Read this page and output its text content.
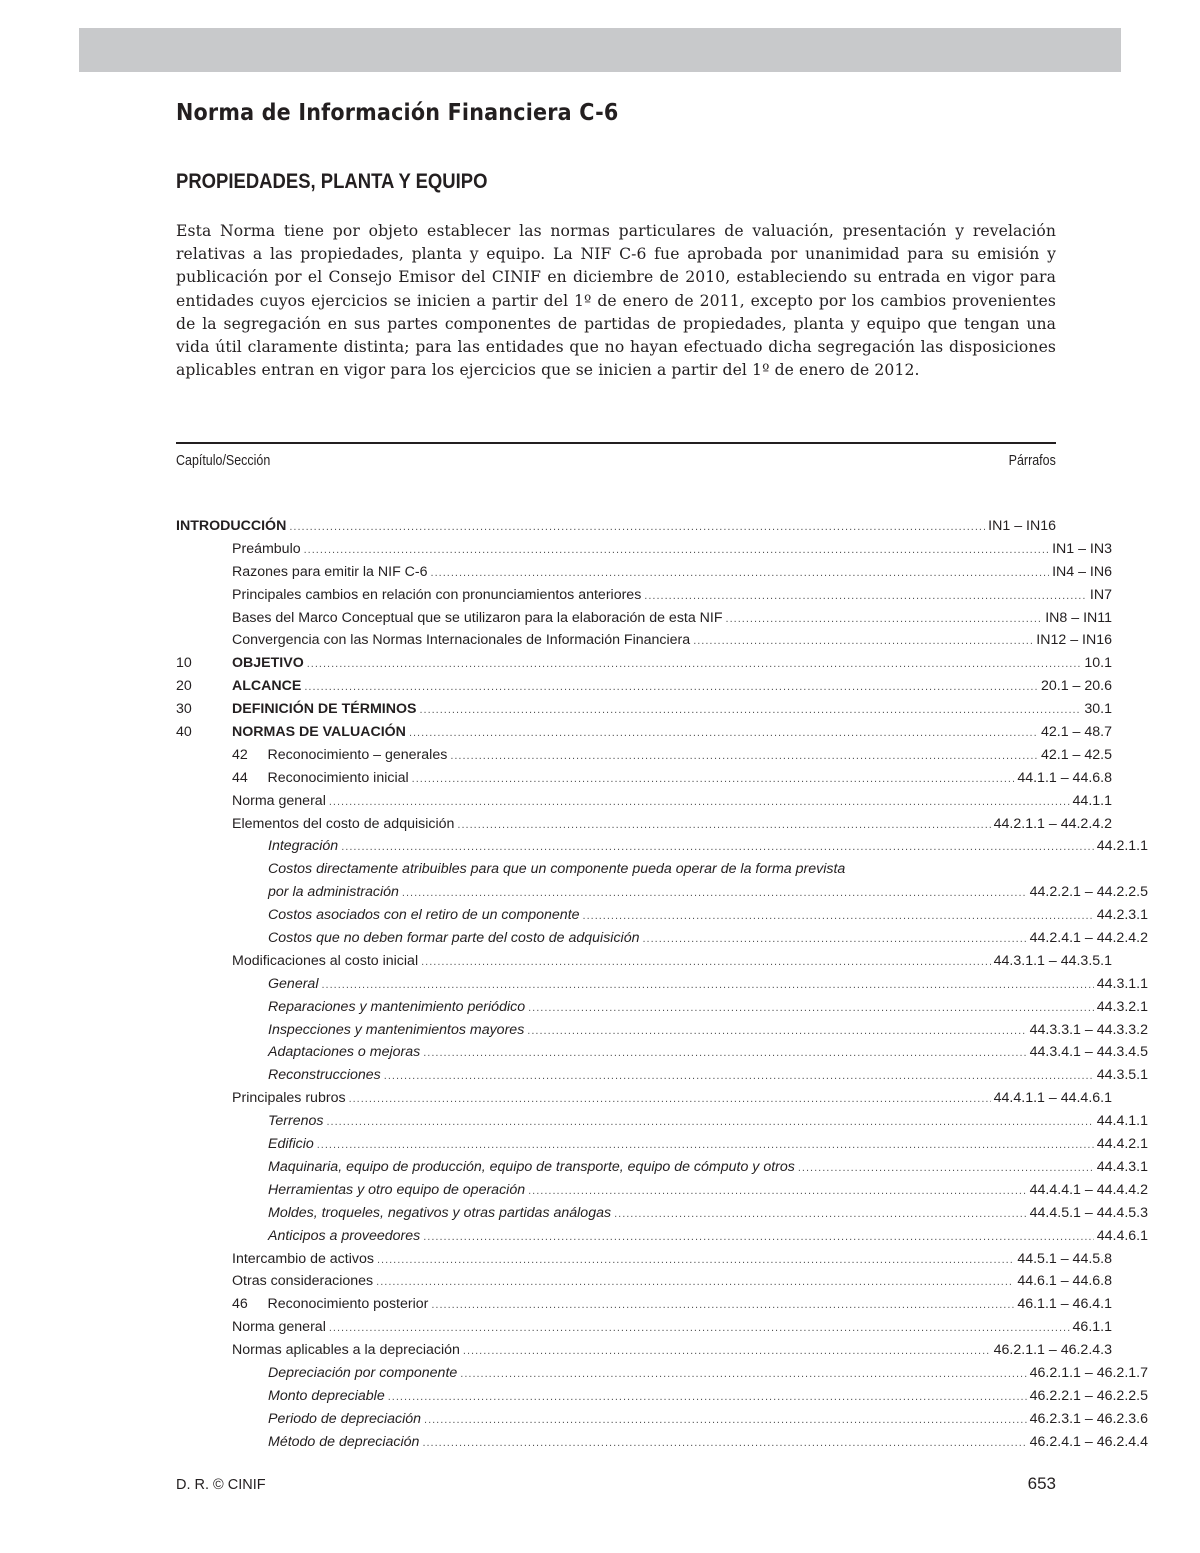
Norma de Información Financiera C-6
PROPIEDADES, PLANTA Y EQUIPO
Esta Norma tiene por objeto establecer las normas particulares de valuación, presentación y revelación relativas a las propiedades, planta y equipo. La NIF C-6 fue aprobada por unanimidad para su emisión y publicación por el Consejo Emisor del CINIF en diciembre de 2010, estableciendo su entrada en vigor para entidades cuyos ejercicios se inicien a partir del 1º de enero de 2011, excepto por los cambios provenientes de la segregación en sus partes componentes de partidas de propiedades, planta y equipo que tengan una vida útil claramente distinta; para las entidades que no hayan efectuado dicha segregación las disposiciones aplicables entran en vigor para los ejercicios que se inicien a partir del 1º de enero de 2012.
Capítulo/Sección	Párrafos
INTRODUCCIÓN .....	IN1 – IN16
Preámbulo .....	IN1 – IN3
Razones para emitir la NIF C-6 .....	IN4 – IN6
Principales cambios en relación con pronunciamientos anteriores .....	IN7
Bases del Marco Conceptual que se utilizaron para la elaboración de esta NIF .....	IN8 – IN11
Convergencia con las Normas Internacionales de Información Financiera .....	IN12 – IN16
10	OBJETIVO .....	10.1
20	ALCANCE .....	20.1 – 20.6
30	DEFINICIÓN DE TÉRMINOS .....	30.1
40	NORMAS DE VALUACIÓN .....	42.1 – 48.7
42     Reconocimiento – generales .....	42.1 – 42.5
44     Reconocimiento inicial .....	44.1.1 – 44.6.8
Norma general .....	44.1.1
Elementos del costo de adquisición .....	44.2.1.1 – 44.2.4.2
Integración .....	44.2.1.1
Costos directamente atribuibles para que un componente pueda operar de la forma prevista
por la administración .....	44.2.2.1 – 44.2.2.5
Costos asociados con el retiro de un componente .....	44.2.3.1
Costos que no deben formar parte del costo de adquisición .....	44.2.4.1 – 44.2.4.2
Modificaciones al costo inicial .....	44.3.1.1 – 44.3.5.1
General .....	44.3.1.1
Reparaciones y mantenimiento periódico .....	44.3.2.1
Inspecciones y mantenimientos mayores .....	44.3.3.1 – 44.3.3.2
Adaptaciones o mejoras .....	44.3.4.1 – 44.3.4.5
Reconstrucciones .....	44.3.5.1
Principales rubros .....	44.4.1.1 – 44.4.6.1
Terrenos .....	44.4.1.1
Edificio .....	44.4.2.1
Maquinaria, equipo de producción, equipo de transporte, equipo de cómputo y otros .....	44.4.3.1
Herramientas y otro equipo de operación .....	44.4.4.1 – 44.4.4.2
Moldes, troqueles, negativos y otras partidas análogas .....	44.4.5.1 – 44.4.5.3
Anticipos a proveedores .....	44.4.6.1
Intercambio de activos .....	44.5.1 – 44.5.8
Otras consideraciones .....	44.6.1 – 44.6.8
46     Reconocimiento posterior .....	46.1.1 – 46.4.1
Norma general .....	46.1.1
Normas aplicables a la depreciación .....	46.2.1.1 – 46.2.4.3
Depreciación por componente .....	46.2.1.1 – 46.2.1.7
Monto depreciable .....	46.2.2.1 – 46.2.2.5
Periodo de depreciación .....	46.2.3.1 – 46.2.3.6
Método de depreciación .....	46.2.4.1 – 46.2.4.4
D. R. © CINIF	653
